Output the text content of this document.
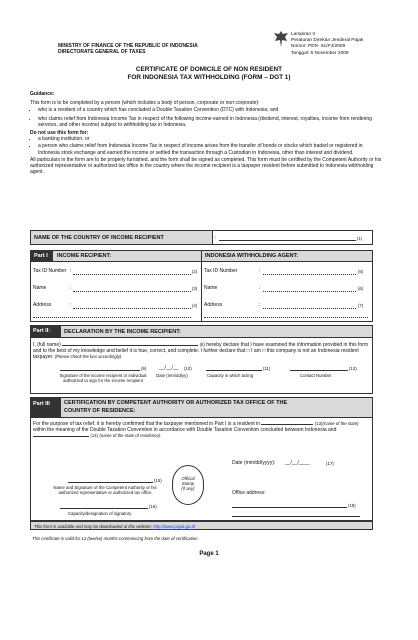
Lampiran II
Peraturan Direktur Jenderal Pajak
Nomor: PER- 61/PJ/2009
Tanggal: 5 November 2009
MINISTRY OF FINANCE OF THE REPUBLIC OF INDONESIA
DIRECTORATE GENERAL OF TAXES
CERTIFICATE OF DOMICILE OF NON RESIDENT
FOR INDONESIA TAX WITHHOLDING (FORM – DGT 1)
Guidance:
This form is to be completed by a person (which includes a body of person, corporate or non corporate):
• who is a resident of a country which has concluded a Double Taxation Convention (DTC) with Indonesia; and
• who claims relief from Indonesia Income Tax in respect of the following income earned in Indonesia (dividend, interest, royalties, income from rendering services, and other income) subject to withholding tax in Indonesia.
Do not use this form for:
• a banking institution, or
• a person who claims relief from Indonesia Income Tax in respect of income arises from the transfer of bonds or stocks which traded or registered in Indonesia stock exchange and earned the income or settled the transaction through a Custodian in Indonesia, other than interest and dividend.
All particulars in the form are to be properly furnished, and the form shall be signed as completed. This form must be certified by the Competent Authority or his authorized representative or authorized tax office in the country where the income recipient is a taxpayer resident before submitted to Indonesia withholding agent.
NAME OF THE COUNTRY OF INCOME RECIPIENT	:	(1)
Part I INCOME RECIPIENT:	INDONESIA WITHHOLDING AGENT:
Tax ID Number :	(2)
Name	:	(3)
Address	:	(4)
Tax ID Number	:	(5)
Name	:	(6)
Address	:	(7)
Part II:	DECLARATION BY THE INCOME RECIPIENT:
I, (full name)	(8) hereby declare that I have examined the information provided in this form and to the best of my knowledge and belief it is true, correct, and complete. I further declare that □ I am □ this company is not an Indonesia resident taxpayer. (Please check the box accordingly)
(9)
Signature of the income recipient or individual
authorized to sign for the income recipient
__/__/__ (10)
Date (mm/dd/yy)
(11)
Capacity in which acting
(12)
Contact Number
Part III	CERTIFICATION BY COMPETENT AUTHORITY OR AUTHORIZED TAX OFFICE OF THE
COUNTRY OF RESIDENCE:
For the purpose of tax relief, it is hereby confirmed that the taxpayer mentioned in Part I is a resident in	(13)(name of the state) within the meaning of the Double Taxation Convention in accordance with Double Taxation Convention concluded between Indonesia and  (14) (name of the state of residence).
(15)
Name and Signature of the Competent Authority or his
authorized representative or authorized tax office
Official
Stamp
(if any)
(16)
Capacity/designation of signatory
Date (mm/dd/yyyy): __/__/____	(17)
Office address:
(18)
This form is available and may be downloaded at this website: http://www.pajak.go.id
This certificate is valid for 12 (twelve) months commencing from the date of certification.
Page 1
